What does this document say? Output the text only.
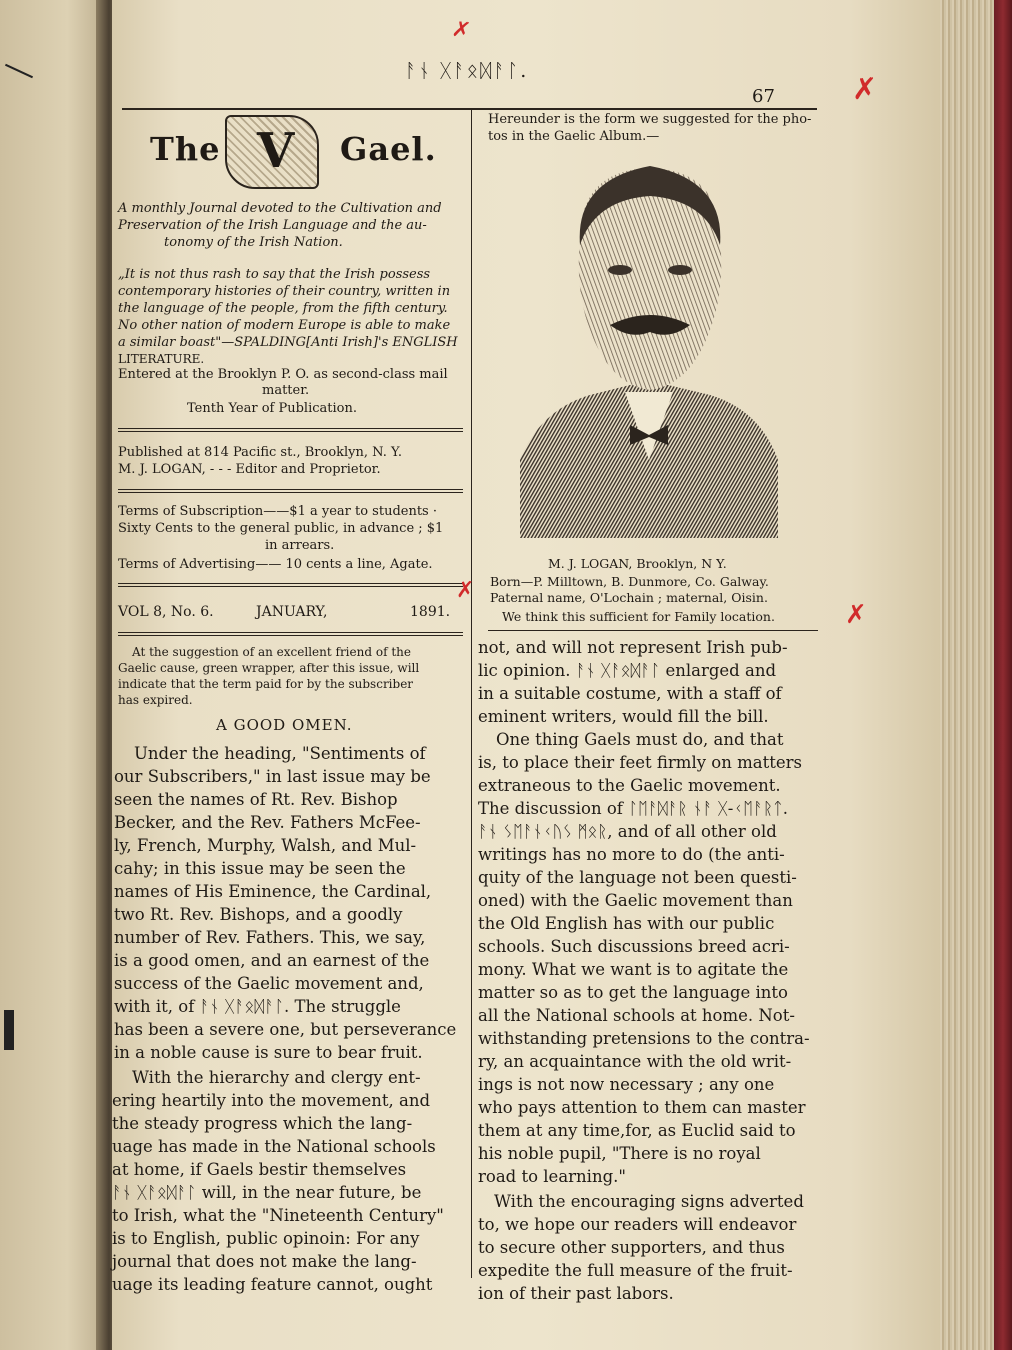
ᚨᚾ ᚷᚨᛟᛞᚨᛚ.
67
The V Gael.
A monthly Journal devoted to the Cultivation and
Preservation of the Irish Language and the au-
tonomy of the Irish Nation.
„It is not thus rash to say that the Irish possess
contemporary histories of their country, written in
the language of the people, from the fifth century.
No other nation of modern Europe is able to make
a similar boast"—SPALDING[Anti Irish]'s ENGLISH
LITERATURE.
Entered at the Brooklyn P. O. as second-class mail
matter.
Tenth Year of Publication.
Published at 814 Pacific st., Brooklyn, N. Y.
M. J. LOGAN, - - - Editor and Proprietor.
Terms of Subscription——$1 a year to students ·
Sixty Cents to the general public, in advance ; $1
in arrears.
Terms of Advertising—— 10 cents a line, Agate.
VOL 8, No. 6.	JANUARY,	1891.
At the suggestion of an excellent friend of the
Gaelic cause, green wrapper, after this issue, will
indicate that the term paid for by the subscriber
has expired.
A GOOD OMEN.
Under the heading, "Sentiments of
our Subscribers," in last issue may be
seen the names of Rt. Rev. Bishop
Becker, and the Rev. Fathers McFee-
ly, French, Murphy, Walsh, and Mul-
cahy; in this issue may be seen the
names of His Eminence, the Cardinal,
two Rt. Rev. Bishops, and a goodly
number of Rev. Fathers. This, we say,
is a good omen, and an earnest of the
success of the Gaelic movement and,
with it, of ᚨᚾ ᚷᚨᛟᛞᚨᛚ. The struggle
has been a severe one, but perseverance
in a noble cause is sure to bear fruit.
With the hierarchy and clergy ent-
ering heartily into the movement, and
the steady progress which the lang-
uage has made in the National schools
at home, if Gaels bestir themselves
ᚨᚾ ᚷᚨᛟᛞᚨᛚ will, in the near future, be
to Irish, what the "Nineteenth Century"
is to English, public opinoin: For any
journal that does not make the lang-
uage its leading feature cannot, ought
Hereunder is the form we suggested for the pho-
tos in the Gaelic Album.—
M. J. LOGAN, Brooklyn, N Y.
Born—P. Milltown, B. Dunmore, Co. Galway.
Paternal name, O'Lochain ; maternal, Oisin.
We think this sufficient for Family location.
not, and will not represent Irish pub-
lic opinion. ᚨᚾ ᚷᚨᛟᛞᚨᛚ enlarged and
in a suitable costume, with a staff of
eminent writers, would fill the bill.
One thing Gaels must do, and that
is, to place their feet firmly on matters
extraneous to the Gaelic movement.
The discussion of ᛚᛖᚨᛞᚨᚱ ᚾᚨ ᚷ-ᚲᛖᚨᚱᛏ.
ᚨᚾ ᛊᛖᚨᚾᚲᚢᛊ ᛗᛟᚱ, and of all other old
writings has no more to do (the anti-
quity of the language not been questi-
oned) with the Gaelic movement than
the Old English has with our public
schools. Such discussions breed acri-
mony. What we want is to agitate the
matter so as to get the language into
all the National schools at home. Not-
withstanding pretensions to the contra-
ry, an acquaintance with the old writ-
ings is not now necessary ; any one
who pays attention to them can master
them at any time,for, as Euclid said to
his noble pupil, "There is no royal
road to learning."
With the encouraging signs adverted
to, we hope our readers will endeavor
to secure other supporters, and thus
expedite the full measure of the fruit-
ion of their past labors.
✗
✗
✗
✗
